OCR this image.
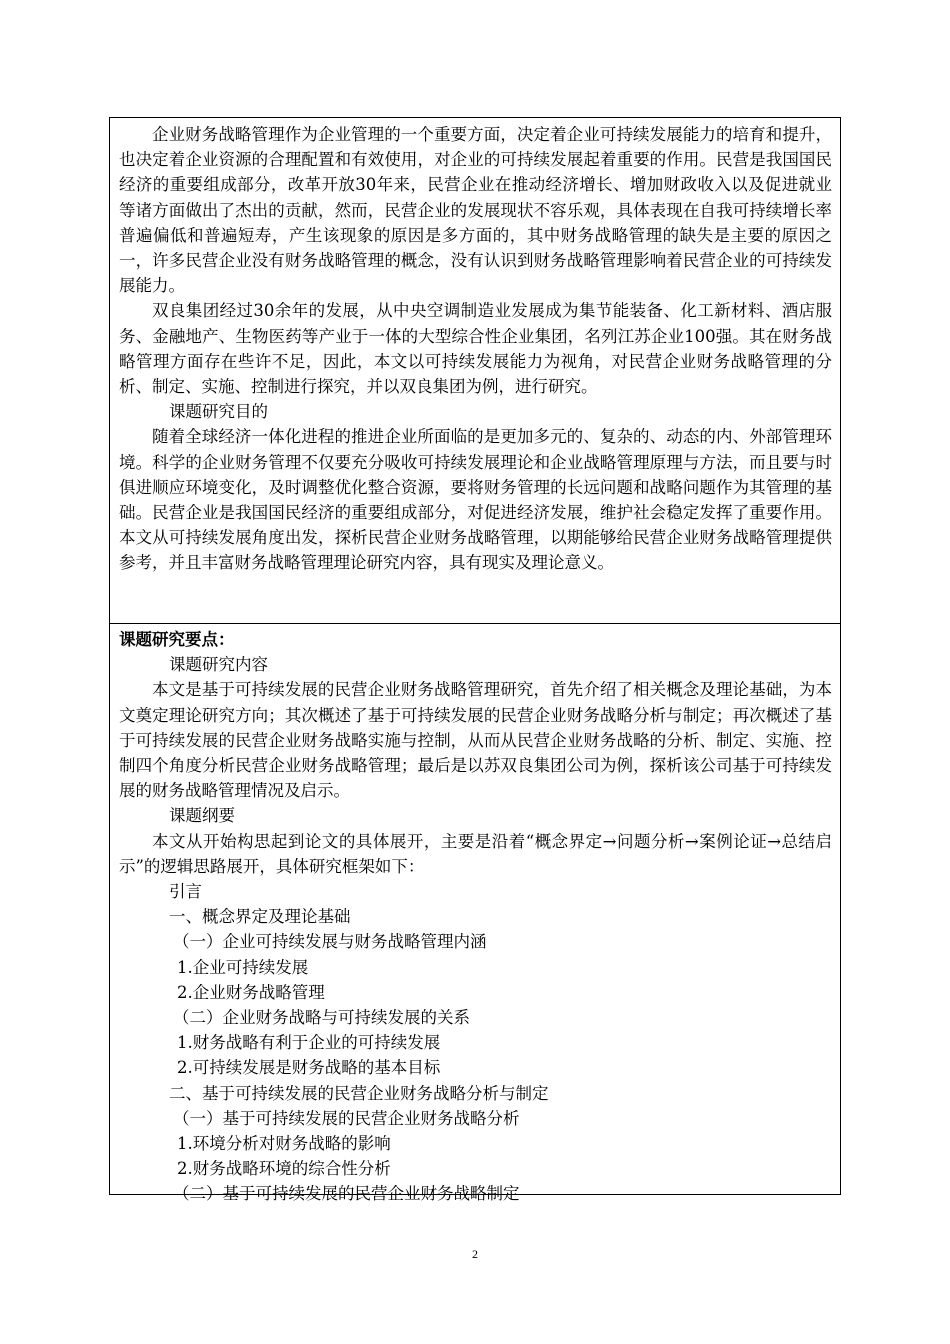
企业财务战略管理作为企业管理的一个重要方面，决定着企业可持续发展能力的培育和提升，也决定着企业资源的合理配置和有效使用，对企业的可持续发展起着重要的作用。民营是我国国民经济的重要组成部分，改革开放30年来，民营企业在推动经济增长、增加财政收入以及促进就业等诸方面做出了杰出的贡献，然而，民营企业的发展现状不容乐观，具体表现在自我可持续增长率普遍偏低和普遍短寿，产生该现象的原因是多方面的，其中财务战略管理的缺失是主要的原因之一，许多民营企业没有财务战略管理的概念，没有认识到财务战略管理影响着民营企业的可持续发展能力。

双良集团经过30余年的发展，从中央空调制造业发展成为集节能装备、化工新材料、酒店服务、金融地产、生物医药等产业于一体的大型综合性企业集团，名列江苏企业100强。其在财务战略管理方面存在些许不足，因此，本文以可持续发展能力为视角，对民营企业财务战略管理的分析、制定、实施、控制进行探究，并以双良集团为例，进行研究。

课题研究目的

随着全球经济一体化进程的推进企业所面临的是更加多元的、复杂的、动态的内、外部管理环境。科学的企业财务管理不仅要充分吸收可持续发展理论和企业战略管理原理与方法，而且要与时俱进顺应环境变化，及时调整优化整合资源，要将财务管理的长远问题和战略问题作为其管理的基础。民营企业是我国国民经济的重要组成部分，对促进经济发展，维护社会稳定发挥了重要作用。本文从可持续发展角度出发，探析民营企业财务战略管理，以期能够给民营企业财务战略管理提供参考，并且丰富财务战略管理理论研究内容，具有现实及理论意义。

课题研究要点：

课题研究内容

本文是基于可持续发展的民营企业财务战略管理研究，首先介绍了相关概念及理论基础，为本文奠定理论研究方向；其次概述了基于可持续发展的民营企业财务战略分析与制定；再次概述了基于可持续发展的民营企业财务战略实施与控制，从而从民营企业财务战略的分析、制定、实施、控制四个角度分析民营企业财务战略管理；最后是以苏双良集团公司为例，探析该公司基于可持续发展的财务战略管理情况及启示。

课题纲要

本文从开始构思起到论文的具体展开，主要是沿着“概念界定→问题分析→案例论证→总结启示”的逻辑思路展开，具体研究框架如下：

引言

一、概念界定及理论基础

（一）企业可持续发展与财务战略管理内涵

1.企业可持续发展

2.企业财务战略管理

（二）企业财务战略与可持续发展的关系

1.财务战略有利于企业的可持续发展

2.可持续发展是财务战略的基本目标

二、基于可持续发展的民营企业财务战略分析与制定

（一）基于可持续发展的民营企业财务战略分析

1.环境分析对财务战略的影响

2.财务战略环境的综合性分析

（二）基于可持续发展的民营企业财务战略制定

2
